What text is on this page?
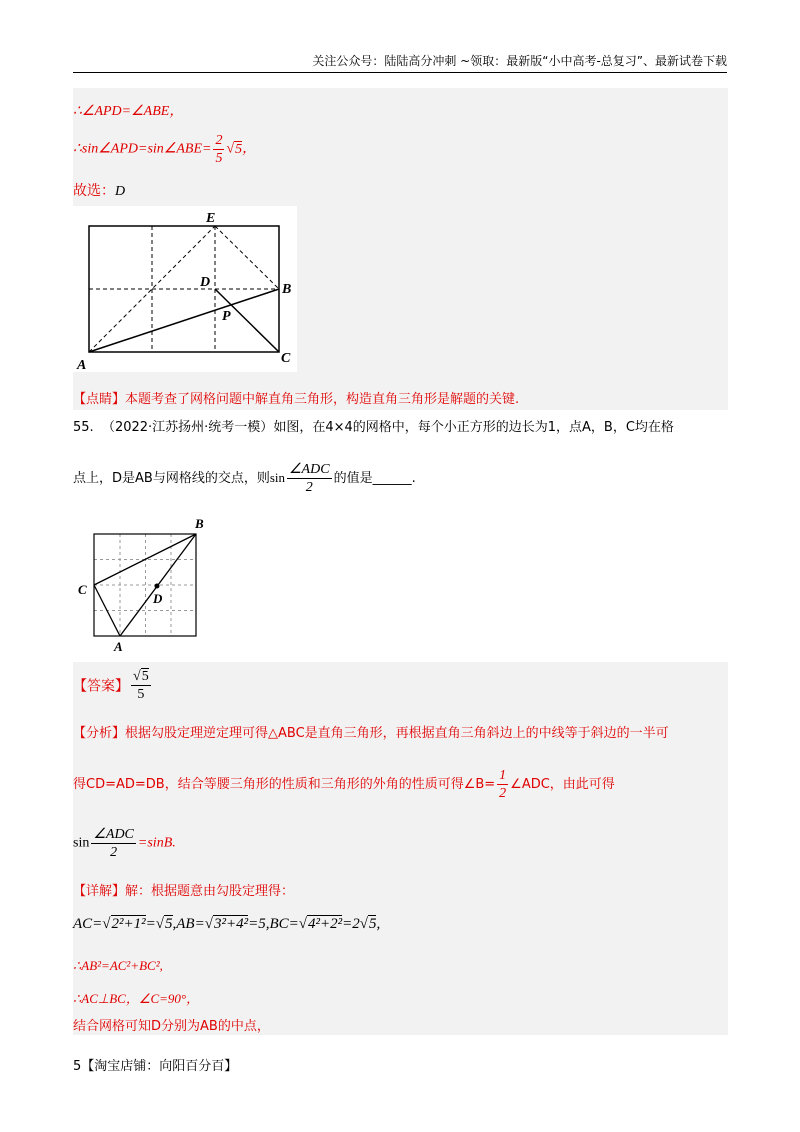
关注公众号：陆陆高分冲刺 ~领取：最新版“小中高考-总复习”、最新试卷下载
∴∠APD=∠ABE，
∴sin∠APD=sin∠ABE= $\frac{2}{5} √5$，
故选：D
E
D	B
P
A	C
【点睛】本题考查了网格问题中解直角三角形，构造直角三角形是解题的关键.
55. （2022·江苏扬州·统考一模）如图，在4×4的网格中，每个小正方形的边长为1，点A，B，C均在格
点上，D是AB与网格线的交点，则$\sin \frac{\text{∠ADC}}{2}$ 的值是______.
B
C
D
A
【答案】 $\frac{√5}{5}$
【分析】根据勾股定理逆定理可得△ABC是直角三角形，再根据直角三角斜边上的中线等于斜边的一半可
得CD=AD=DB，结合等腰三角形的性质和三角形的外角的性质可得∠B= $\frac{1}{2}$ ∠ADC，由此可得
$\sin \frac{\text{∠ADC}}{2} =\sin B$.
【详解】解：根据题意由勾股定理得：
AC=√2²+1²=√5,AB=√3²+4²=5,BC=√4²+2²=2√5,
∴AB²=AC²+BC²,
∴AC⊥BC，∠C=90°，
结合网格可知D分别为AB的中点，
5【淘宝店铺：向阳百分百】
